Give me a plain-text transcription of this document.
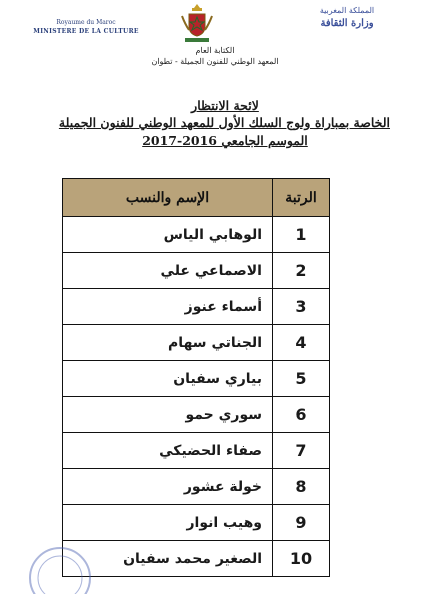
Royaume du Maroc
MINISTERE DE LA CULTURE
المملكة المغربية
وزارة الثقافة
الكتابة العام
المعهد الوطني للفنون الجميلة - تطوان
لائحة الانتظار
الخاصة بمباراة ولوج السلك الأول للمعهد الوطني للفنون الجميلة
الموسم الجامعي 2016-2017
الرتبة	الإسم والنسب
1	الوهابي الياس
2	الاصماعي علي
3	أسماء عنوز
4	الجناتي سهام
5	بياري سفيان
6	سوري حمو
7	صفاء الحضيكي
8	خولة عشور
9	وهيب انوار
10	الصغير محمد سفيان
